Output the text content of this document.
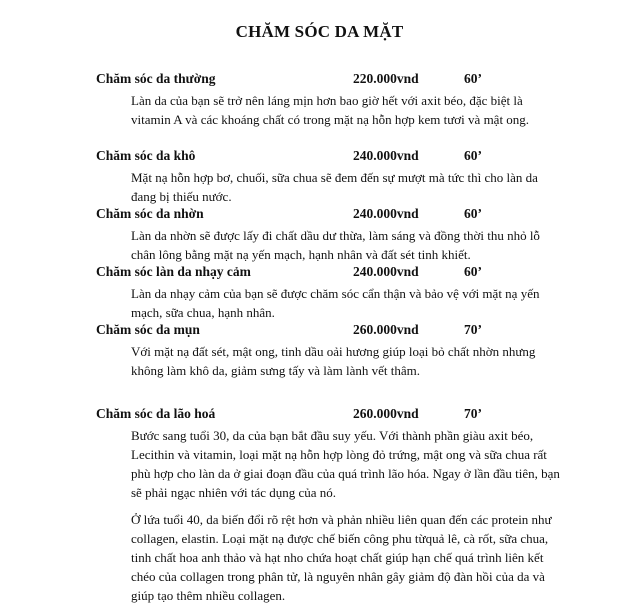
CHĂM SÓC DA MẶT
Chăm sóc da thường	220.000vnd	60’

Làn da của bạn sẽ trở nên láng mịn hơn bao giờ hết với axit béo, đặc biệt là vitamin A và các khoáng chất có trong mặt nạ hỗn hợp kem tươi và mật ong.

Chăm sóc da khô	240.000vnd	60’

Mặt nạ hỗn hợp bơ, chuối, sữa chua sẽ đem đến sự mượt mà tức thì cho làn da đang bị thiếu nước.

Chăm sóc da nhờn	240.000vnd	60’

Làn da nhờn sẽ được lấy đi chất dầu dư thừa, làm sáng và đồng thời thu nhỏ lỗ chân lông bằng mặt nạ yến mạch, hạnh nhân và đất sét tinh khiết.

Chăm sóc làn da nhạy cảm	240.000vnd	60’

Làn da nhạy cảm của bạn sẽ được chăm sóc cẩn thận và bảo vệ với mặt nạ yến mạch, sữa chua, hạnh nhân.

Chăm sóc da mụn	260.000vnd	70’

Với mặt nạ đất sét, mật ong, tinh dầu oải hương giúp loại bỏ chất nhờn nhưng không làm khô da, giảm sưng tấy và làm lành vết thâm.

Chăm sóc da lão hoá	260.000vnd	70’

Bước sang tuổi 30, da của bạn bắt đầu suy yếu. Với thành phần giàu axit béo, Lecithin và vitamin, loại mặt nạ hỗn hợp lòng đỏ trứng, mật ong và sữa chua rất phù hợp cho làn da ở giai đoạn đầu của quá trình lão hóa. Ngay ở lần đầu tiên, bạn sẽ phải ngạc nhiên với tác dụng của nó.

Ở lứa tuổi 40, da biến đổi rõ rệt hơn và phản nhiều liên quan đến các protein như collagen, elastin. Loại mặt nạ được chế biến công phu từquả lê, cà rốt, sữa chua, tinh chất hoa anh thảo và hạt nho chứa hoạt chất giúp hạn chế quá trình liên kết chéo của collagen trong phân tử, là nguyên nhân gây giảm độ đàn hồi của da và giúp tạo thêm nhiều collagen.
